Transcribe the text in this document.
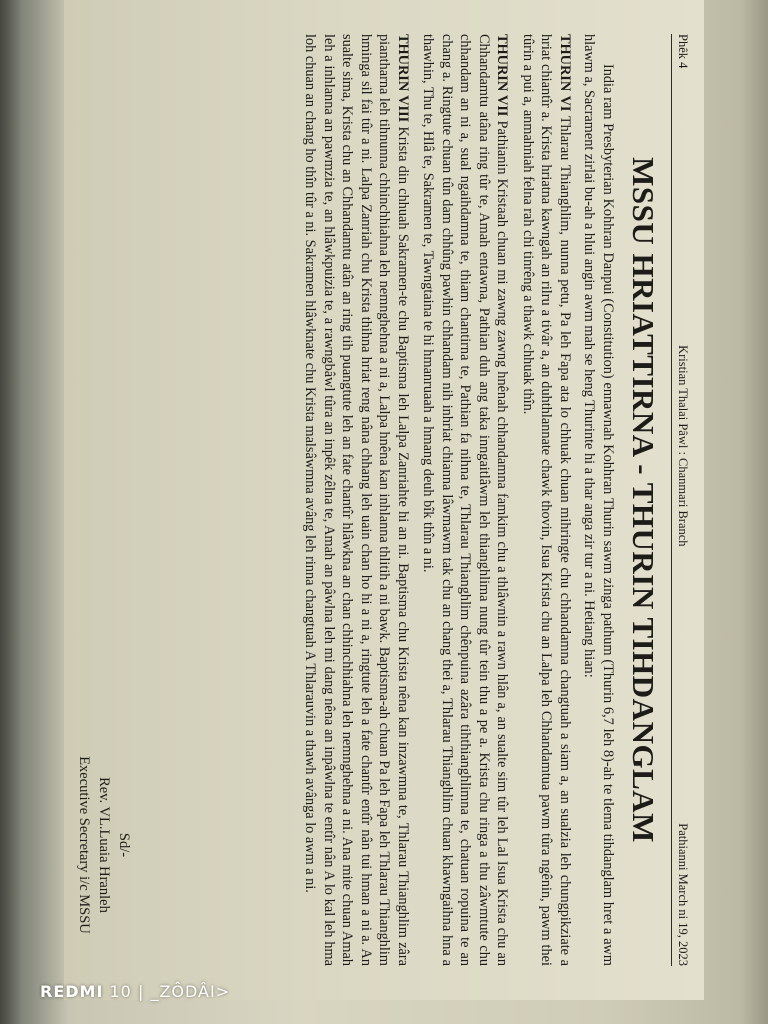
Phêk 4
Kristian Thalai Pâwl : Chanmari Branch
Pathianni March ni 19, 2023
MSSU HRIATTIRNA - THURIN TIHDANGLAM

India ram Presbyterian Kohhran Danpui (Constitution) ennawnah Kohhran Thurin sawm zinga pathum (Thurin 6,7 leh 8)-ah te tlema tihdanglam hret a awm hlawm a, Sacrament zirlai bu-ah a hlui angin awm mah se heng Thurinte hi a thar anga zir tur a ni. Hetiang hian:

THURIN VI Thlarau Thianghlim, nunna petu, Pa leh Fapa ata lo chhuak chuan mihringte chu chhandamna changtuah a siam a, an sualzia leh chungpikziate a hriat chiantîr a. Krista hriatna kawngah an rilru a tivâr a, an duhthlannate chawk thovin, Isua Krista chu an Lalpa leh Chhandamtua pawm tûra ngênin, pawm thei tûrin a pui a, anmahniah felna rah chi tinrêng a thawk chhuak thîn.

THURIN VII Pathianin Kristaah chuan mi zawng zawng hnênah chhandamna famkim chu a thlâwnin a rawn hlân a, an sualte sim tûr leh Lal Isua Krista chu an Chhandamtu atâna ring tûr te, Amah entawna, Pathian duh ang taka inngaitlâwm leh thianghlima nung tûr tein thu a pe a. Krista chu ringa a thu zâwmtute chu chhandam an ni a, sual ngaihdamna te, thiam chantirna te, Pathian fa nihna te, Thlarau Thianghlim chênpuina azâra tihthianghlimna te, chatuan ropuina te an chang a. Ringtute chuan tûn dam chhûng pawhin chhandam nih inhriat chianna lâwmawm tak chu an chang thei a, Thlarau Thianghlim chuan khawngaihna hna a thawhin, Thu te, Hlâ te, Sakramen te, Tawngtaina te hi hmanruaah a hmang deuh bîk thîn a ni.

THURIN VIII Krista din chhuah Sakramen-te chu Baptisma leh Lalpa Zanriahte hi an ni. Baptisma chu Krista nêna kan inzawmna te, Thlarau Thianghlim zâra piantharna leh tihnunna chhinchhiahna leh nemnghehna a ni a, Lalpa hnêna kan inhlanna thlitih a ni bawk. Baptisma-ah chuan Pa leh Fapa leh Thlarau Thianghlim hminga sil fai tûr a ni. Lalpa Zanriah chu Krista thihna hriat reng nâna chhang leh uain chan ho hi a ni a, ringtute leh a fate chantîr entîr nân tui hman a ni a. An sualte sima, Krista chu an Chhandamtu atân an ring tih puangtute leh an fate chantîr hlâwkna an chan chhinchhiahna leh nemnghehna a ni. Ana mite chuan Amah leh a inhlanna an pawmzia te, an hlâwkpuizia te, a rawngbâwl tûra an inpêk zêlna te, Amah an pâwlna leh mi dang nêna an inpâwlna te entîr nân A lo kal leh hma loh chuan an chang ho thîn tûr a ni. Sakramen hlâwknate chu Krista malsâwmna avâng leh rinna changtuah A Thlarauvin a thawh avânga lo awm a ni.

Sd/-
Rev. VL.Luaia Hranleh
Executive Secretary i/c MSSU
REDMI 10 | _ZÔDÂI>
